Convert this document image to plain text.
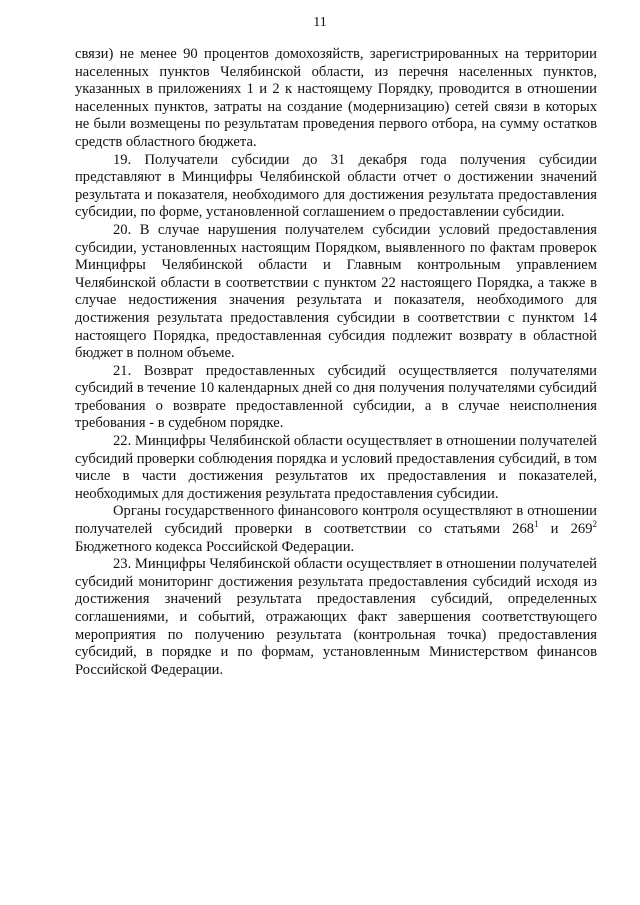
11

связи) не менее 90 процентов домохозяйств, зарегистрированных на территории населенных пунктов Челябинской области, из перечня населенных пунктов, указанных в приложениях 1 и 2 к настоящему Порядку, проводится в отношении населенных пунктов, затраты на создание (модернизацию) сетей связи в которых не были возмещены по результатам проведения первого отбора, на сумму остатков средств областного бюджета.

19. Получатели субсидии до 31 декабря года получения субсидии представляют в Минцифры Челябинской области отчет о достижении значений результата и показателя, необходимого для достижения результата предоставления субсидии, по форме, установленной соглашением о предоставлении субсидии.

20. В случае нарушения получателем субсидии условий предоставления субсидии, установленных настоящим Порядком, выявленного по фактам проверок Минцифры Челябинской области и Главным контрольным управлением Челябинской области в соответствии с пунктом 22 настоящего Порядка, а также в случае недостижения значения результата и показателя, необходимого для достижения результата предоставления субсидии в соответствии с пунктом 14 настоящего Порядка, предоставленная субсидия подлежит возврату в областной бюджет в полном объеме.

21. Возврат предоставленных субсидий осуществляется получателями субсидий в течение 10 календарных дней со дня получения получателями субсидий требования о возврате предоставленной субсидии, а в случае неисполнения требования - в судебном порядке.

22. Минцифры Челябинской области осуществляет в отношении получателей субсидий проверки соблюдения порядка и условий предоставления субсидий, в том числе в части достижения результатов их предоставления и показателей, необходимых для достижения результата предоставления субсидии.

Органы государственного финансового контроля осуществляют в отношении получателей субсидий проверки в соответствии со статьями $268^1$ и $269^2$ Бюджетного кодекса Российской Федерации.

23. Минцифры Челябинской области осуществляет в отношении получателей субсидий мониторинг достижения результата предоставления субсидий исходя из достижения значений результата предоставления субсидий, определенных соглашениями, и событий, отражающих факт завершения соответствующего мероприятия по получению результата (контрольная точка) предоставления субсидий, в порядке и по формам, установленным Министерством финансов Российской Федерации.
